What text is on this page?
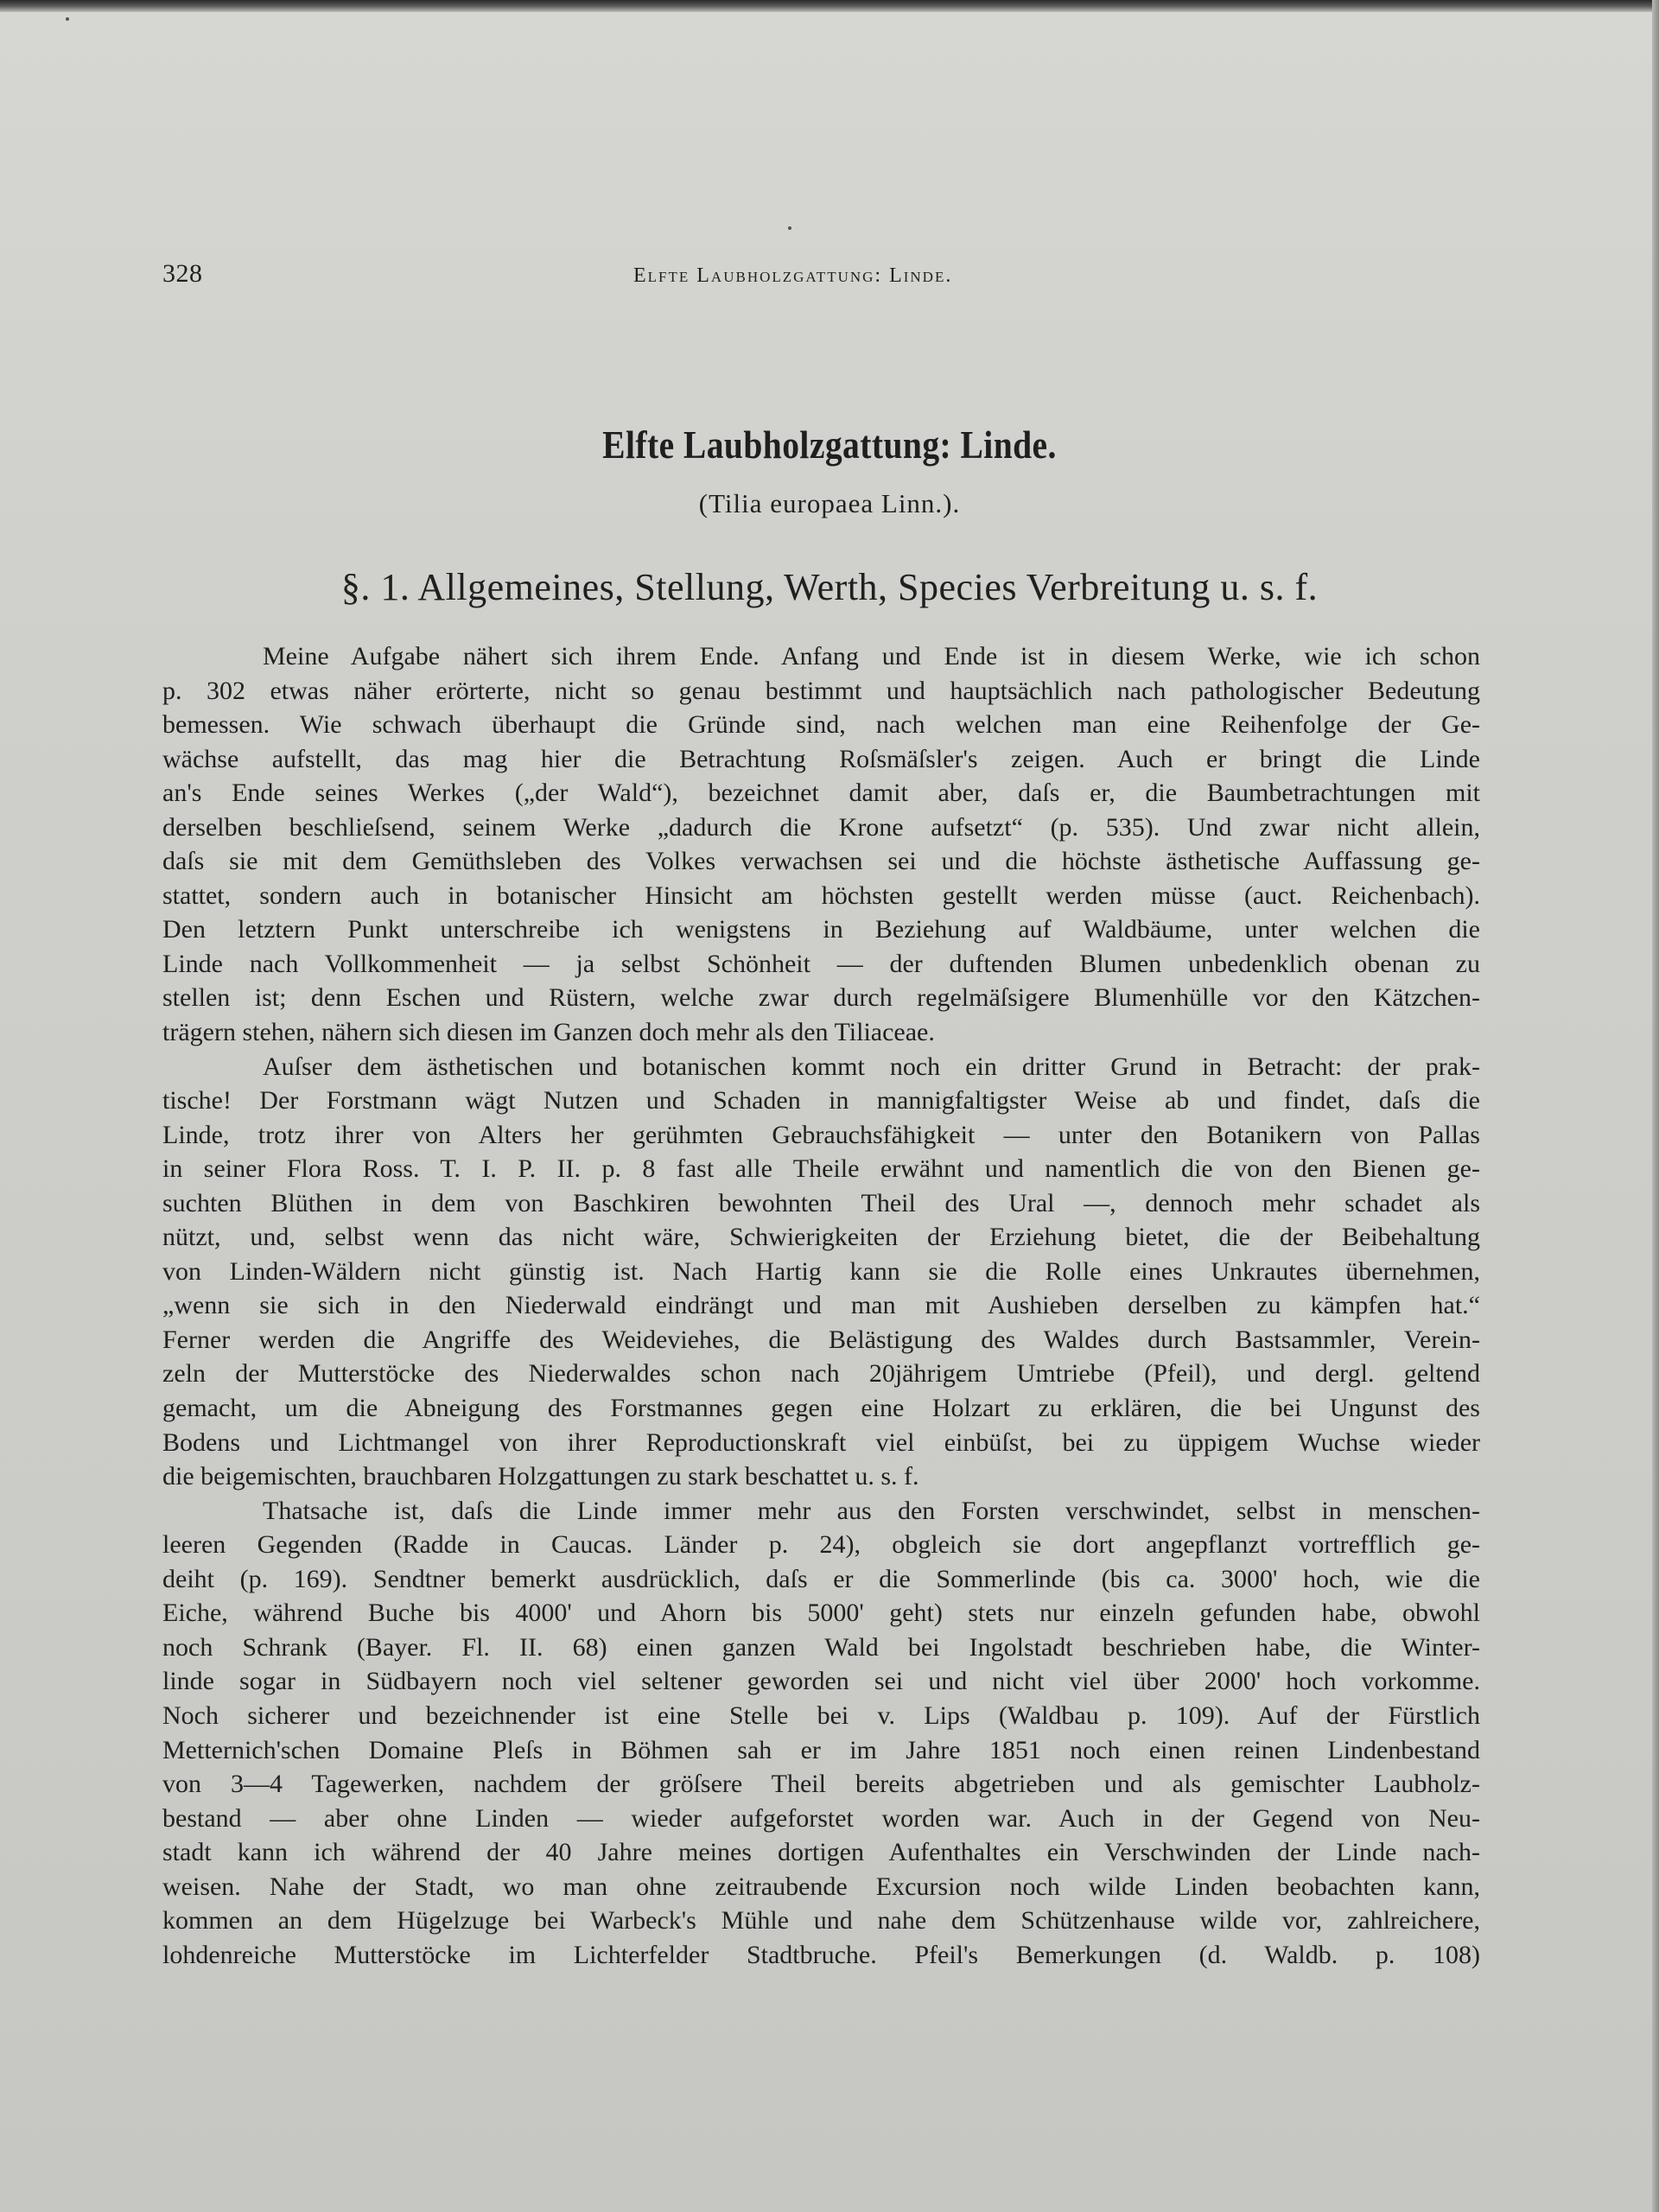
328	Elfte Laubholzgattung: Linde.
Elfte Laubholzgattung: Linde.
(Tilia europaea Linn.).
§. 1. Allgemeines, Stellung, Werth, Species Verbreitung u. s. f.
Meine Aufgabe nähert sich ihrem Ende. Anfang und Ende ist in diesem Werke, wie ich schon
p. 302 etwas näher erörterte, nicht so genau bestimmt und hauptsächlich nach pathologischer Bedeutung
bemessen. Wie schwach überhaupt die Gründe sind, nach welchen man eine Reihenfolge der Ge-
wächse aufstellt, das mag hier die Betrachtung Roſsmäſsler's zeigen. Auch er bringt die Linde
an's Ende seines Werkes („der Wald“), bezeichnet damit aber, daſs er, die Baumbetrachtungen mit
derselben beschlieſsend, seinem Werke „dadurch die Krone aufsetzt“ (p. 535). Und zwar nicht allein,
daſs sie mit dem Gemüthsleben des Volkes verwachsen sei und die höchste ästhetische Auffassung ge-
stattet, sondern auch in botanischer Hinsicht am höchsten gestellt werden müsse (auct. Reichenbach).
Den letztern Punkt unterschreibe ich wenigstens in Beziehung auf Waldbäume, unter welchen die
Linde nach Vollkommenheit — ja selbst Schönheit — der duftenden Blumen unbedenklich obenan zu
stellen ist; denn Eschen und Rüstern, welche zwar durch regelmäſsigere Blumenhülle vor den Kätzchen-
trägern stehen, nähern sich diesen im Ganzen doch mehr als den Tiliaceae.
Auſser dem ästhetischen und botanischen kommt noch ein dritter Grund in Betracht: der prak-
tische! Der Forstmann wägt Nutzen und Schaden in mannigfaltigster Weise ab und findet, daſs die
Linde, trotz ihrer von Alters her gerühmten Gebrauchsfähigkeit — unter den Botanikern von Pallas
in seiner Flora Ross. T. I. P. II. p. 8 fast alle Theile erwähnt und namentlich die von den Bienen ge-
suchten Blüthen in dem von Baschkiren bewohnten Theil des Ural —, dennoch mehr schadet als
nützt, und, selbst wenn das nicht wäre, Schwierigkeiten der Erziehung bietet, die der Beibehaltung
von Linden-Wäldern nicht günstig ist. Nach Hartig kann sie die Rolle eines Unkrautes übernehmen,
„wenn sie sich in den Niederwald eindrängt und man mit Aushieben derselben zu kämpfen hat.“
Ferner werden die Angriffe des Weideviehes, die Belästigung des Waldes durch Bastsammler, Verein-
zeln der Mutterstöcke des Niederwaldes schon nach 20jährigem Umtriebe (Pfeil), und dergl. geltend
gemacht, um die Abneigung des Forstmannes gegen eine Holzart zu erklären, die bei Ungunst des
Bodens und Lichtmangel von ihrer Reproductionskraft viel einbüſst, bei zu üppigem Wuchse wieder
die beigemischten, brauchbaren Holzgattungen zu stark beschattet u. s. f.
Thatsache ist, daſs die Linde immer mehr aus den Forsten verschwindet, selbst in menschen-
leeren Gegenden (Radde in Caucas. Länder p. 24), obgleich sie dort angepflanzt vortrefflich ge-
deiht (p. 169). Sendtner bemerkt ausdrücklich, daſs er die Sommerlinde (bis ca. 3000' hoch, wie die
Eiche, während Buche bis 4000' und Ahorn bis 5000' geht) stets nur einzeln gefunden habe, obwohl
noch Schrank (Bayer. Fl. II. 68) einen ganzen Wald bei Ingolstadt beschrieben habe, die Winter-
linde sogar in Südbayern noch viel seltener geworden sei und nicht viel über 2000' hoch vorkomme.
Noch sicherer und bezeichnender ist eine Stelle bei v. Lips (Waldbau p. 109). Auf der Fürstlich
Metternich'schen Domaine Pleſs in Böhmen sah er im Jahre 1851 noch einen reinen Lindenbestand
von 3—4 Tagewerken, nachdem der gröſsere Theil bereits abgetrieben und als gemischter Laubholz-
bestand — aber ohne Linden — wieder aufgeforstet worden war. Auch in der Gegend von Neu-
stadt kann ich während der 40 Jahre meines dortigen Aufenthaltes ein Verschwinden der Linde nach-
weisen. Nahe der Stadt, wo man ohne zeitraubende Excursion noch wilde Linden beobachten kann,
kommen an dem Hügelzuge bei Warbeck's Mühle und nahe dem Schützenhause wilde vor, zahlreichere,
lohdenreiche Mutterstöcke im Lichterfelder Stadtbruche. Pfeil's Bemerkungen (d. Waldb. p. 108)
